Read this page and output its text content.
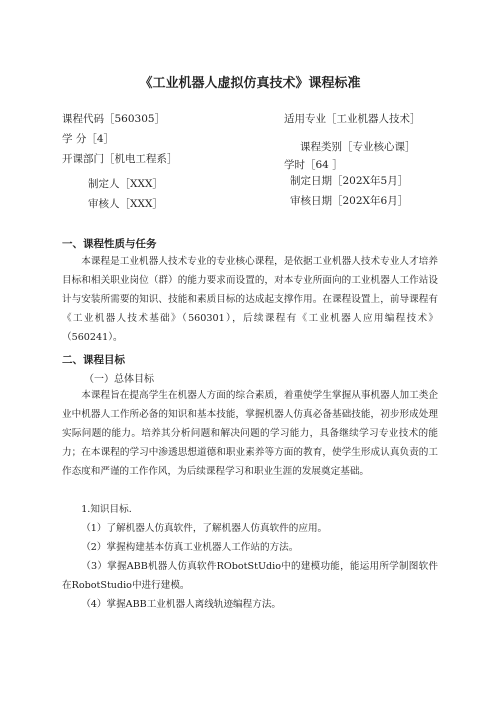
《工业机器人虚拟仿真技术》课程标准
课程代码［560305］
学 分［4］
开课部门［机电工程系］
制定人［XXX］
审核人［XXX］
适用专业［工业机器人技术］
课程类别［专业核心课］
学时［64 ］
制定日期［202X年5月］
审核日期［202X年6月］
一、课程性质与任务
本课程是工业机器人技术专业的专业核心课程，是依据工业机器人技术专业人才培养目标和相关职业岗位（群）的能力要求而设置的，对本专业所面向的工业机器人工作站设计与安装所需要的知识、技能和素质目标的达成起支撑作用。在课程设置上，前导课程有《工业机器人技术基础》（560301），后续课程有《工业机器人应用编程技术》（560241）。
二、课程目标
（一）总体目标
本课程旨在提高学生在机器人方面的综合素质，着重使学生掌握从事机器人加工类企业中机器人工作所必备的知识和基本技能，掌握机器人仿真必备基础技能，初步形成处理实际问题的能力。培养其分析问题和解决问题的学习能力，具备继续学习专业技术的能力；在本课程的学习中渗透思想道德和职业素养等方面的教育，使学生形成认真负责的工作态度和严谨的工作作风，为后续课程学习和职业生涯的发展奠定基础。
1.知识目标.
（1）了解机器人仿真软件，了解机器人仿真软件的应用。
（2）掌握构建基本仿真工业机器人工作站的方法。
（3）掌握ABB机器人仿真软件RObotStUdio中的建模功能，能运用所学制图软件在RobotStudio中进行建模。
（4）掌握ABB工业机器人离线轨迹编程方法。
